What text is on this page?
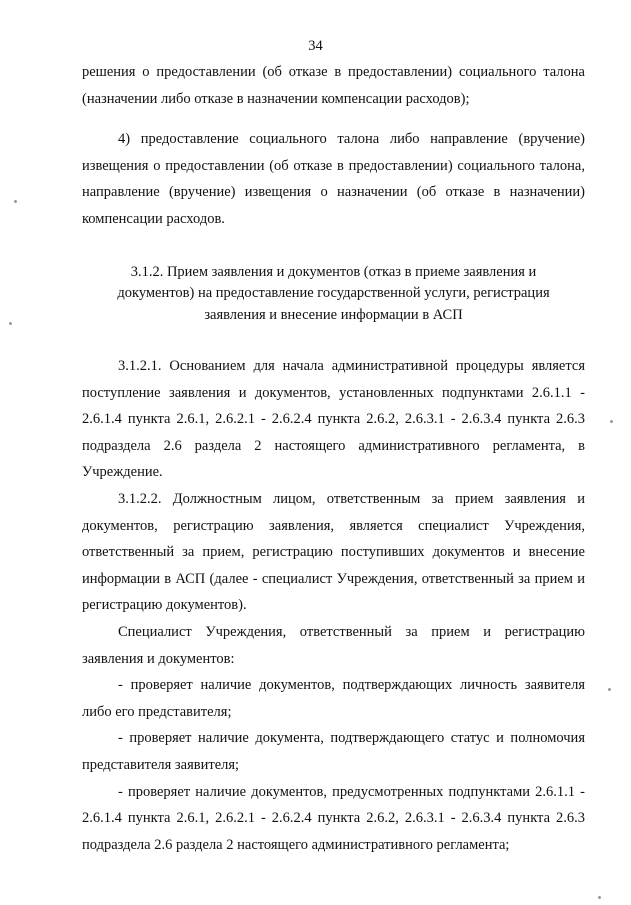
34

решения о предоставлении (об отказе в предоставлении) социального талона (назначении либо отказе в назначении компенсации расходов);

4) предоставление социального талона либо направление (вручение) извещения о предоставлении (об отказе в предоставлении) социального талона, направление (вручение) извещения о назначении (об отказе в назначении) компенсации расходов.

3.1.2. Прием заявления и документов (отказ в приеме заявления и документов) на предоставление государственной услуги, регистрация заявления и внесение информации в АСП

3.1.2.1. Основанием для начала административной процедуры является поступление заявления и документов, установленных подпунктами 2.6.1.1 - 2.6.1.4 пункта 2.6.1, 2.6.2.1 - 2.6.2.4 пункта 2.6.2, 2.6.3.1 - 2.6.3.4 пункта 2.6.3 подраздела 2.6 раздела 2 настоящего административного регламента, в Учреждение.

3.1.2.2. Должностным лицом, ответственным за прием заявления и документов, регистрацию заявления, является специалист Учреждения, ответственный за прием, регистрацию поступивших документов и внесение информации в АСП (далее - специалист Учреждения, ответственный за прием и регистрацию документов).

Специалист Учреждения, ответственный за прием и регистрацию заявления и документов:

- проверяет наличие документов, подтверждающих личность заявителя либо его представителя;

- проверяет наличие документа, подтверждающего статус и полномочия представителя заявителя;

- проверяет наличие документов, предусмотренных подпунктами 2.6.1.1 - 2.6.1.4 пункта 2.6.1, 2.6.2.1 - 2.6.2.4 пункта 2.6.2, 2.6.3.1 - 2.6.3.4 пункта 2.6.3 подраздела 2.6 раздела 2 настоящего административного регламента;
